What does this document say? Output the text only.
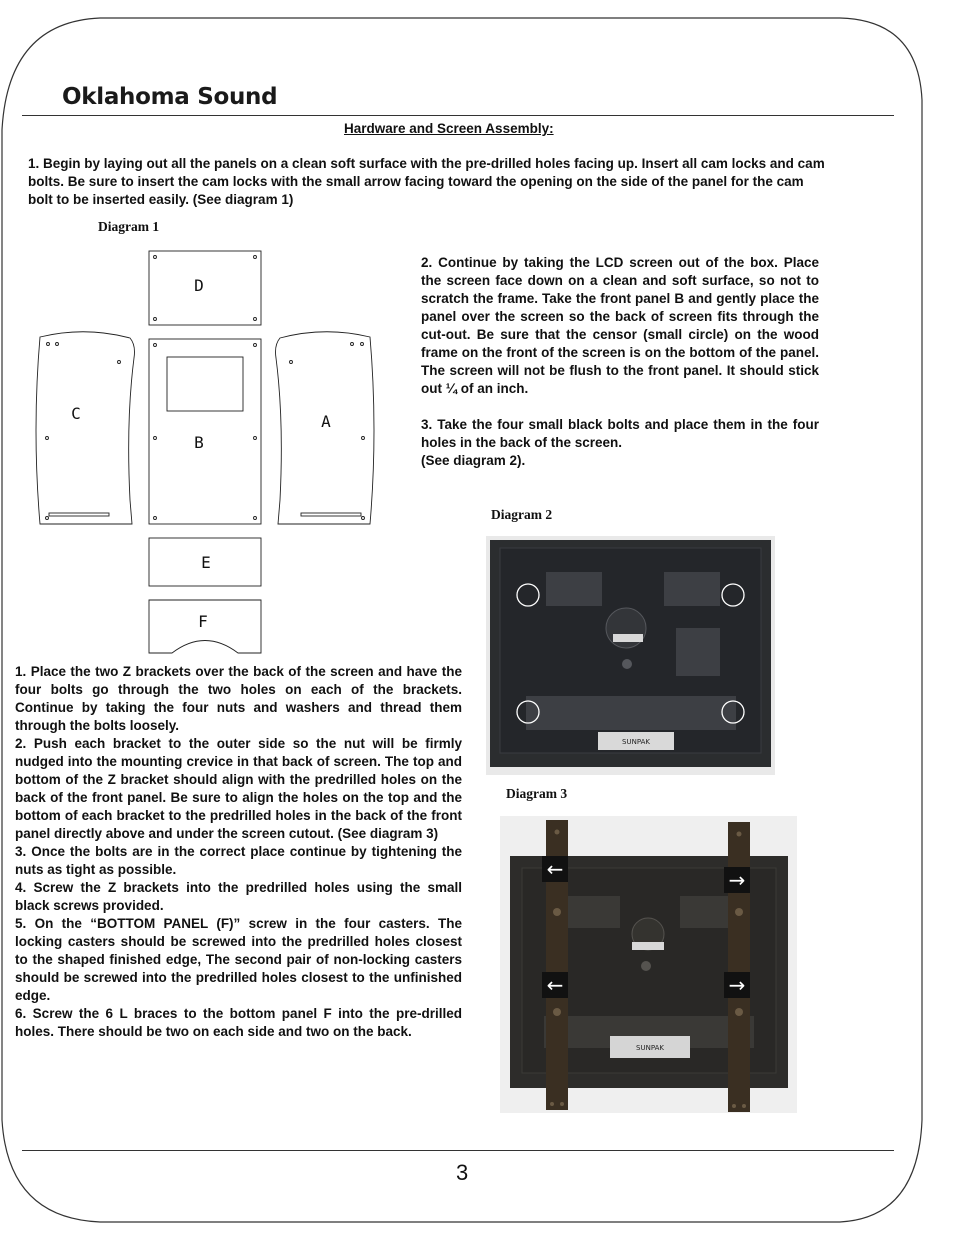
Oklahoma Sound
Hardware and Screen Assembly:
1. Begin by laying out all the panels on a clean soft surface with the pre-drilled holes facing up. Insert all cam locks and cam bolts. Be sure to insert the cam locks with the small arrow facing toward the opening on the side of the panel for the cam bolt to be inserted easily. (See diagram 1)
Diagram 1
D
B
C	A
E
F

2. Continue by taking the LCD screen out of the box. Place the screen face down on a clean and soft surface, so not to scratch the frame. Take the front panel B and gently place the panel over the screen so the back of screen fits through the cut-out. Be sure that the censor (small circle) on the wood frame on the front of the screen is on the bottom of the panel. The screen will not be flush to the front panel. It should stick out ¼ of an inch.

3. Take the four small black bolts and place them in the four holes in the back of the screen.

(See diagram 2).

Diagram 2
SUNPAK
Diagram 3
SUNPAK
←	→
←	→

1. Place the two Z brackets over the back of the screen and have the four bolts go through the two holes on each of the brackets. Continue by taking the four nuts and washers and thread them through the bolts loosely.

2. Push each bracket to the outer side so the nut will be firmly nudged into the mounting crevice in that back of screen. The top and bottom of the Z bracket should align with the predrilled holes on the back of the front panel. Be sure to align the holes on the top and the bottom of each bracket to the predrilled holes in the back of the front panel directly above and under the screen cutout. (See diagram 3)

3. Once the bolts are in the correct place continue by tightening the nuts as tight as possible.

4. Screw the Z brackets into the predrilled holes using the small black screws provided.

5. On the “BOTTOM PANEL (F)” screw in the four casters. The locking casters should be screwed into the predrilled holes closest to the shaped finished edge, The second pair of non-locking casters should be screwed into the predrilled holes closest to the unfinished edge.

6. Screw the 6 L braces to the bottom panel F into the pre-drilled holes. There should be two on each side and two on the back.

3
